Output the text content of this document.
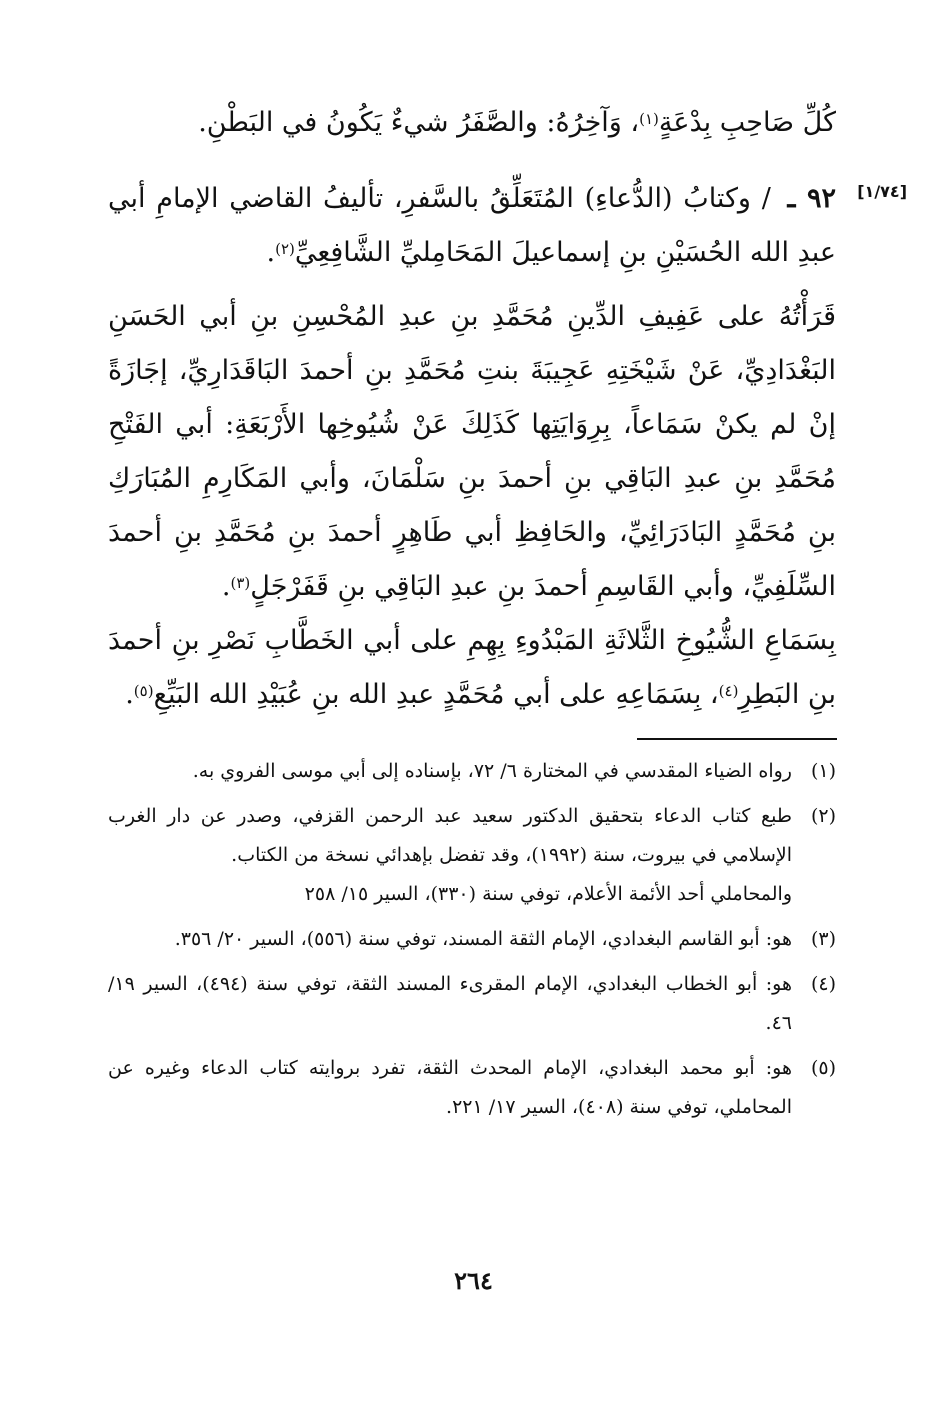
كُلِّ صَاحِبِ بِدْعَةٍ$^{(١)}$، وَآخِرُهُ: والصَّفَرُ شيءٌ يَكُونُ في البَطْنِ.
[١/٧٤]
٩٢ ـ / وكتابُ (الدُّعاءِ) المُتَعَلِّقُ بالسَّفرِ، تأليفُ القاضي الإمامِ أبي عبدِ الله الحُسَيْنِ بنِ إسماعيلَ المَحَامِليِّ الشَّافِعِيِّ$^{(٢)}$.
قَرَأْتُهُ على عَفِيفِ الدِّينِ مُحَمَّدِ بنِ عبدِ المُحْسِنِ بنِ أبي الحَسَنِ البَغْدَادِيِّ، عَنْ شَيْخَتِهِ عَجِيبَةَ بنتِ مُحَمَّدِ بنِ أحمدَ البَاقَدَارِيِّ، إجَازَةً إنْ لم يكنْ سَمَاعاً، بِرِوَايَتِها كَذَلِكَ عَنْ شُيُوخِها الأَرْبَعَةِ: أبي الفَتْحِ مُحَمَّدِ بنِ عبدِ البَاقِي بنِ أحمدَ بنِ سَلْمَانَ، وأبي المَكَارِمِ المُبَارَكِ بنِ مُحَمَّدٍ البَادَرَائِيِّ، والحَافِظِ أبي طَاهِرٍ أحمدَ بنِ مُحَمَّدِ بنِ أحمدَ السِّلَفِيِّ، وأبي القَاسِمِ أحمدَ بنِ عبدِ البَاقِي بنِ قَفَرْجَلٍ$^{(٣)}$.
بِسَمَاعِ الشُّيُوخِ الثَّلاثَةِ المَبْدُوءِ بِهِمِ على أبي الخَطَّابِ نَصْرِ بنِ أحمدَ بنِ البَطِرِ$^{(٤)}$، بِسَمَاعِهِ على أبي مُحَمَّدٍ عبدِ الله بنِ عُبَيْدِ الله البَيِّعِ$^{(٥)}$.
(١)
رواه الضياء المقدسي في المختارة ٦/ ٧٢، بإسناده إلى أبي موسى الفروي به.
(٢)
طبع كتاب الدعاء بتحقيق الدكتور سعيد عبد الرحمن القزفي، وصدر عن دار الغرب الإسلامي في بيروت، سنة (١٩٩٢)، وقد تفضل بإهدائي نسخة من الكتاب.
والمحاملي أحد الأئمة الأعلام، توفي سنة (٣٣٠)، السير ١٥/ ٢٥٨
(٣)
هو: أبو القاسم البغدادي، الإمام الثقة المسند، توفي سنة (٥٥٦)، السير ٢٠/ ٣٥٦.
(٤)
هو: أبو الخطاب البغدادي، الإمام المقرىء المسند الثقة، توفي سنة (٤٩٤)، السير ١٩/ ٤٦.
(٥)
هو: أبو محمد البغدادي، الإمام المحدث الثقة، تفرد بروايته كتاب الدعاء وغيره عن المحاملي، توفي سنة (٤٠٨)، السير ١٧/ ٢٢١.
٢٦٤
